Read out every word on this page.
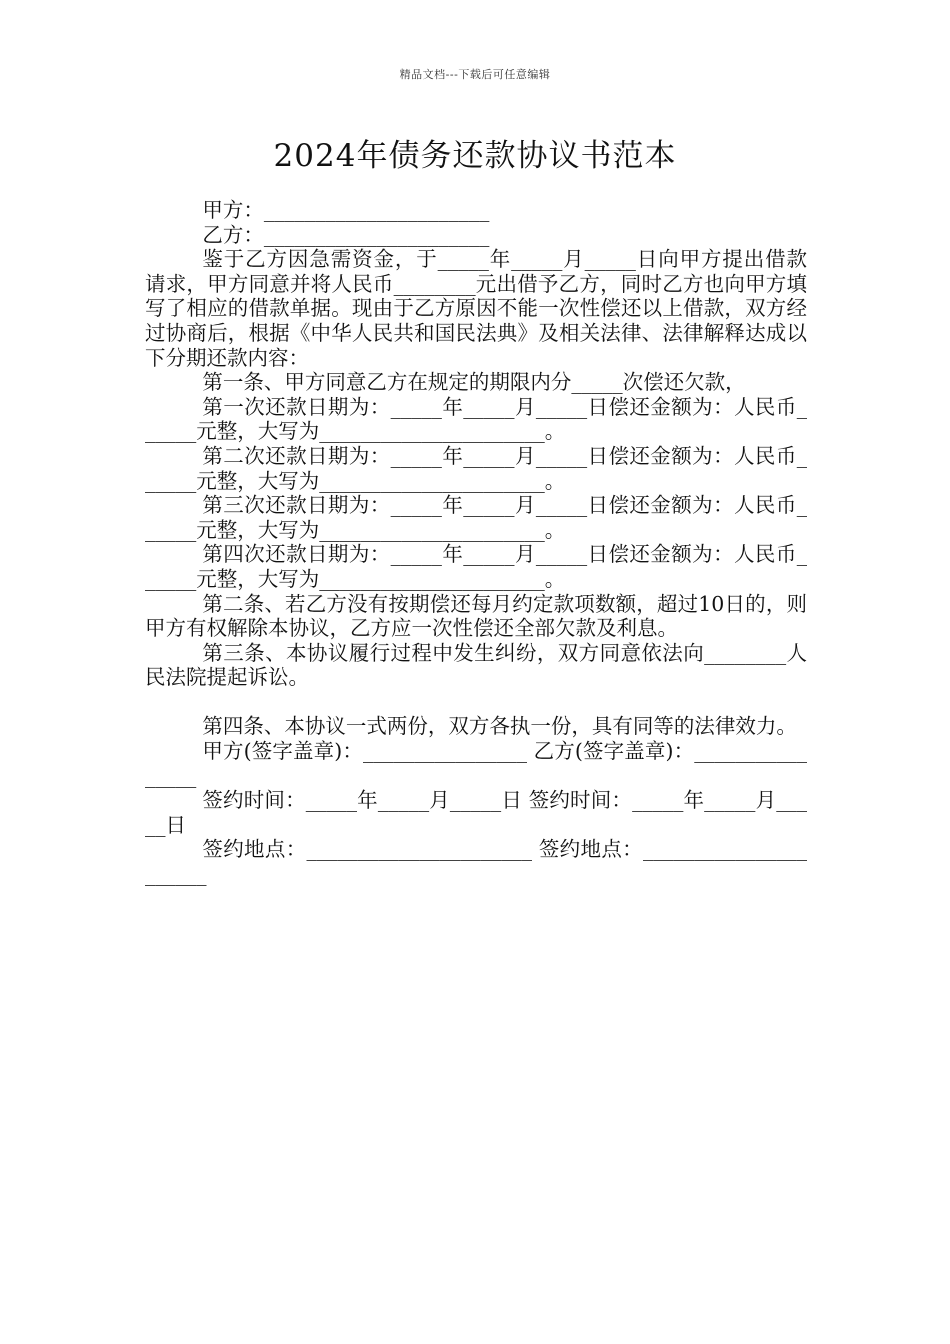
精品文档---下载后可任意编辑
2024年债务还款协议书范本

甲方：______________________

乙方：______________________

鉴于乙方因急需资金，于_____年_____月_____日向甲方提出借款请求，甲方同意并将人民币________元出借予乙方，同时乙方也向甲方填写了相应的借款单据。现由于乙方原因不能一次性偿还以上借款，双方经过协商后，根据《中华人民共和国民法典》及相关法律、法律解释达成以下分期还款内容：

第一条、甲方同意乙方在规定的期限内分_____次偿还欠款，

第一次还款日期为：_____年_____月_____日偿还金额为：人民币______元整，大写为______________________。

第二次还款日期为：_____年_____月_____日偿还金额为：人民币______元整，大写为______________________。

第三次还款日期为：_____年_____月_____日偿还金额为：人民币______元整，大写为______________________。

第四次还款日期为：_____年_____月_____日偿还金额为：人民币______元整，大写为______________________。

第二条、若乙方没有按期偿还每月约定款项数额，超过10日的，则甲方有权解除本协议，乙方应一次性偿还全部欠款及利息。

第三条、本协议履行过程中发生纠纷，双方同意依法向________人民法院提起诉讼。

第四条、本协议一式两份，双方各执一份，具有同等的法律效力。

甲方(签字盖章)：________________ 乙方(签字盖章)：________________

签约时间：_____年_____月_____日 签约时间：_____年_____月_____日

签约地点：______________________ 签约地点：______________________
